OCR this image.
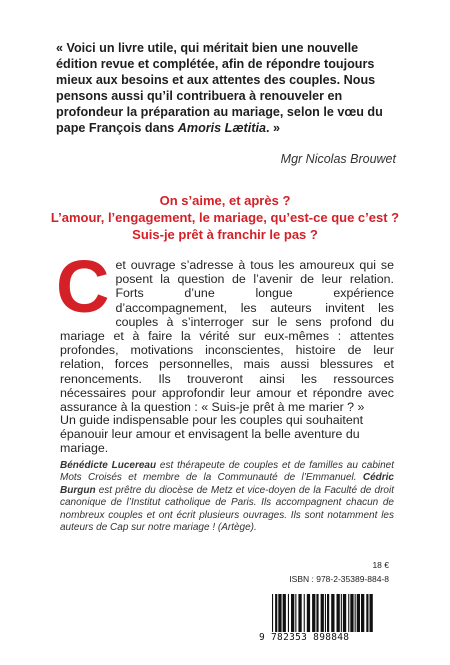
« Voici un livre utile, qui méritait bien une nouvelle édition revue et complétée, afin de répondre toujours mieux aux besoins et aux attentes des couples. Nous pensons aussi qu’il contribuera à renouveler en profondeur la préparation au mariage, selon le vœu du pape François dans Amoris Lætitia. »

Mgr Nicolas Brouwet
On s’aime, et après ?
L’amour, l’engagement, le mariage, qu’est-ce que c’est ?
Suis-je prêt à franchir le pas ?

Cet ouvrage s’adresse à tous les amoureux qui se posent la question de l’avenir de leur relation. Forts d’une longue expérience d’accompagnement, les auteurs invitent les couples à s’interroger sur le sens profond du mariage et à faire la vérité sur eux-mêmes : attentes profondes, motivations inconscientes, histoire de leur relation, forces personnelles, mais aussi blessures et renoncements. Ils trouveront ainsi les ressources nécessaires pour approfondir leur amour et répondre avec assurance à la question : « Suis-je prêt à me marier ? »

Un guide indispensable pour les couples qui souhaitent épanouir leur amour et envisagent la belle aventure du mariage.

Bénédicte Lucereau est thérapeute de couples et de familles au cabinet Mots Croisés et membre de la Communauté de l’Emmanuel. Cédric Burgun est prêtre du diocèse de Metz et vice-doyen de la Faculté de droit canonique de l’Institut catholique de Paris. Ils accompagnent chacun de nombreux couples et ont écrit plusieurs ouvrages. Ils sont notamment les auteurs de Cap sur notre mariage ! (Artège).

18 €
ISBN : 978-2-35389-884-8
9 782353 898848
